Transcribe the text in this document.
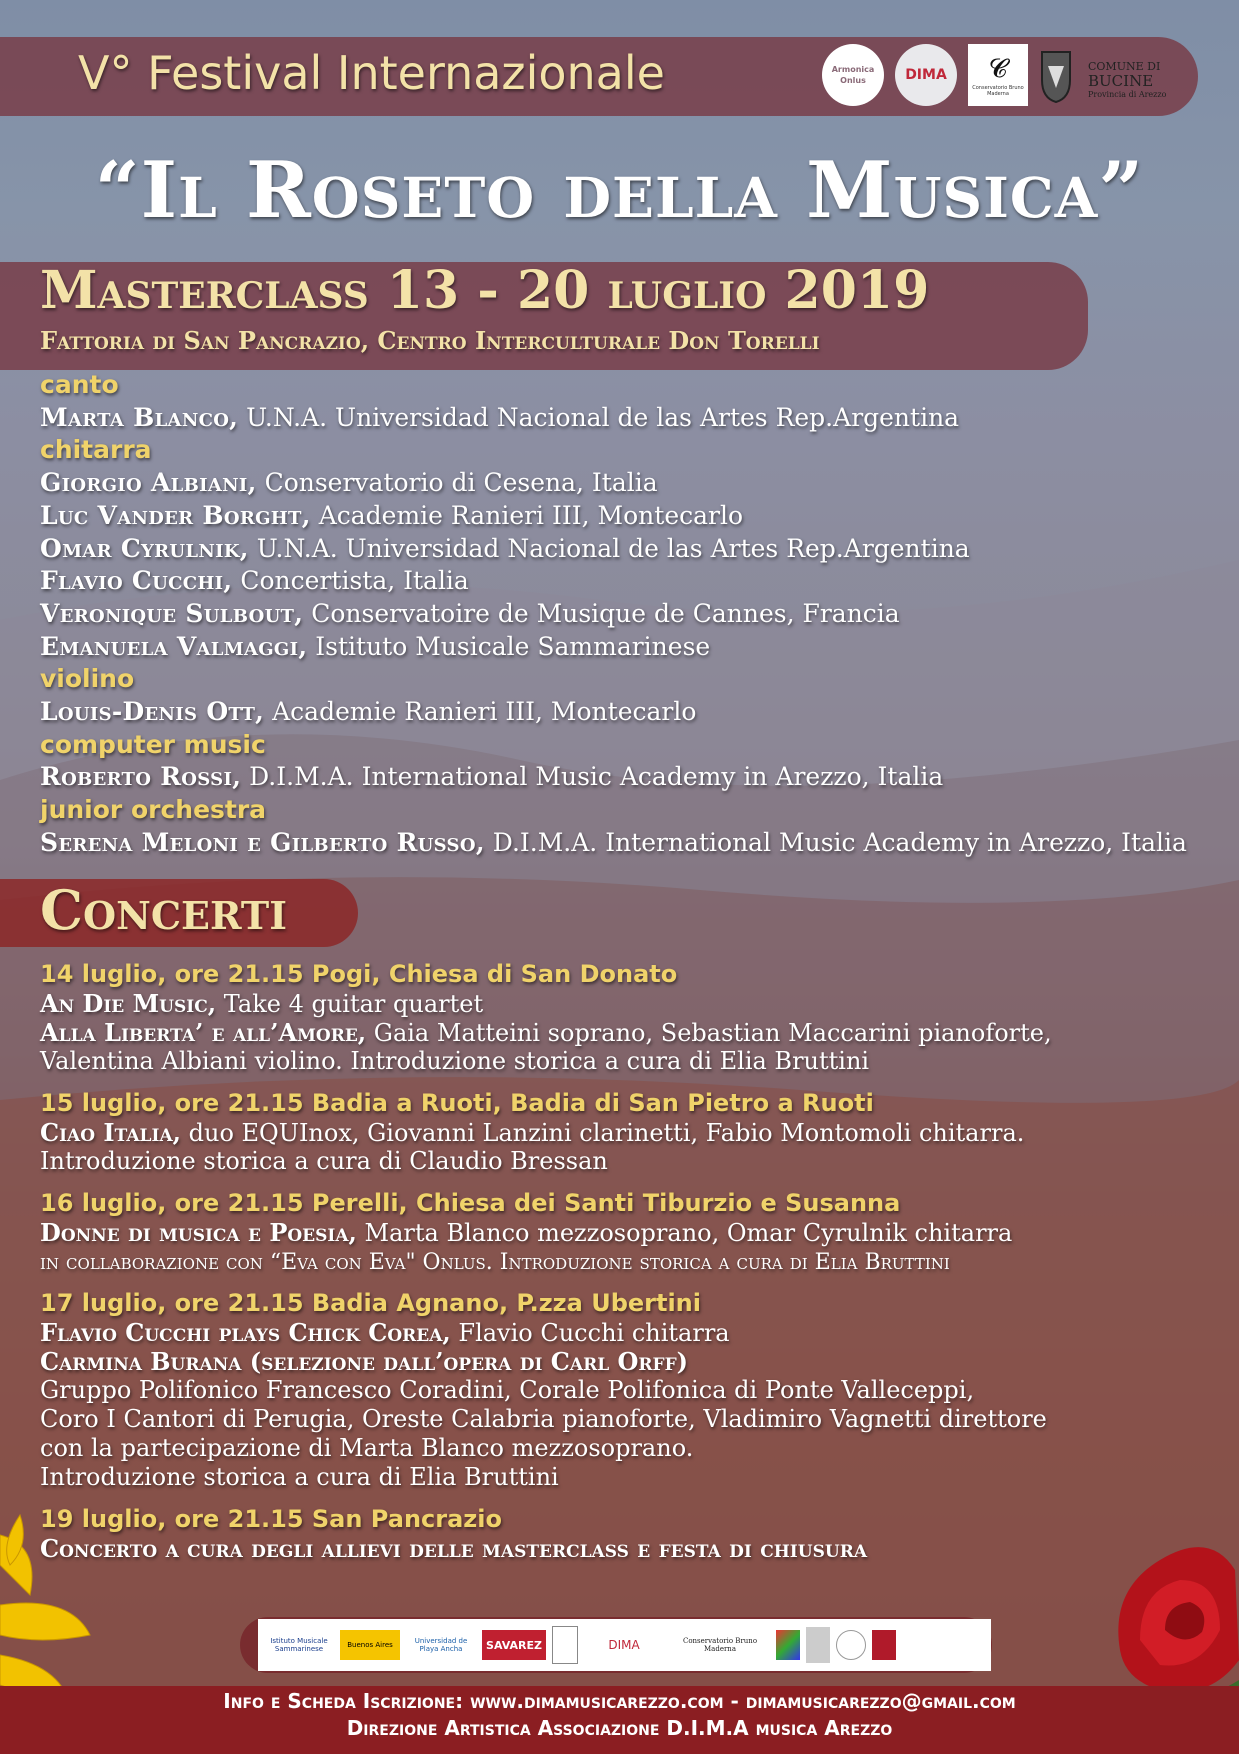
V° Festival Internazionale	Armonica Onlus	DIMA 𝓒
Conservatorio Bruno Maderna
COMUNE DI
BUCINE
Provincia di Arezzo
“Il Roseto della Musica”
Masterclass 13 - 20 luglio 2019
Fattoria di San Pancrazio, Centro Interculturale Don Torelli
canto
Marta Blanco, U.N.A. Universidad Nacional de las Artes Rep.Argentina
chitarra
Giorgio Albiani, Conservatorio di Cesena, Italia
Luc Vander Borght, Academie Ranieri III, Montecarlo
Omar Cyrulnik, U.N.A. Universidad Nacional de las Artes Rep.Argentina
Flavio Cucchi, Concertista, Italia
Veronique Sulbout, Conservatoire de Musique de Cannes, Francia
Emanuela Valmaggi, Istituto Musicale Sammarinese
violino
Louis-Denis Ott, Academie Ranieri III, Montecarlo
computer music
Roberto Rossi, D.I.M.A. International Music Academy in Arezzo, Italia
junior orchestra
Serena Meloni e Gilberto Russo, D.I.M.A. International Music Academy in Arezzo, Italia
Concerti
14 luglio, ore 21.15 Pogi, Chiesa di San Donato
An Die Music, Take 4 guitar quartet
Alla Liberta’ e all’Amore, Gaia Matteini soprano, Sebastian Maccarini pianoforte,
Valentina Albiani violino. Introduzione storica a cura di Elia Bruttini
15 luglio, ore 21.15 Badia a Ruoti, Badia di San Pietro a Ruoti
Ciao Italia, duo EQUInox, Giovanni Lanzini clarinetti, Fabio Montomoli chitarra.
Introduzione storica a cura di Claudio Bressan
16 luglio, ore 21.15 Perelli, Chiesa dei Santi Tiburzio e Susanna
Donne di musica e Poesia, Marta Blanco mezzosoprano, Omar Cyrulnik chitarra
in collaborazione con “Eva con Eva" Onlus. Introduzione storica a cura di Elia Bruttini
17 luglio, ore 21.15 Badia Agnano, P.zza Ubertini
Flavio Cucchi plays Chick Corea, Flavio Cucchi chitarra
Carmina Burana (selezione dall’opera di Carl Orff)
Gruppo Polifonico Francesco Coradini, Corale Polifonica di Ponte Valleceppi,
Coro I Cantori di Perugia, Oreste Calabria pianoforte, Vladimiro Vagnetti direttore
con la partecipazione di Marta Blanco mezzosoprano.
Introduzione storica a cura di Elia Bruttini
19 luglio, ore 21.15 San Pancrazio
Concerto a cura degli allievi delle masterclass e festa di chiusura
Istituto Musicale Sammarinese	Buenos Aires	Universidad de Playa Ancha	SAVAREZ	DIMA	Conservatorio Bruno Maderna
Info e Scheda Iscrizione: www.dimamusicarezzo.com - dimamusicarezzo@gmail.com
Direzione Artistica Associazione D.I.M.A musica Arezzo
